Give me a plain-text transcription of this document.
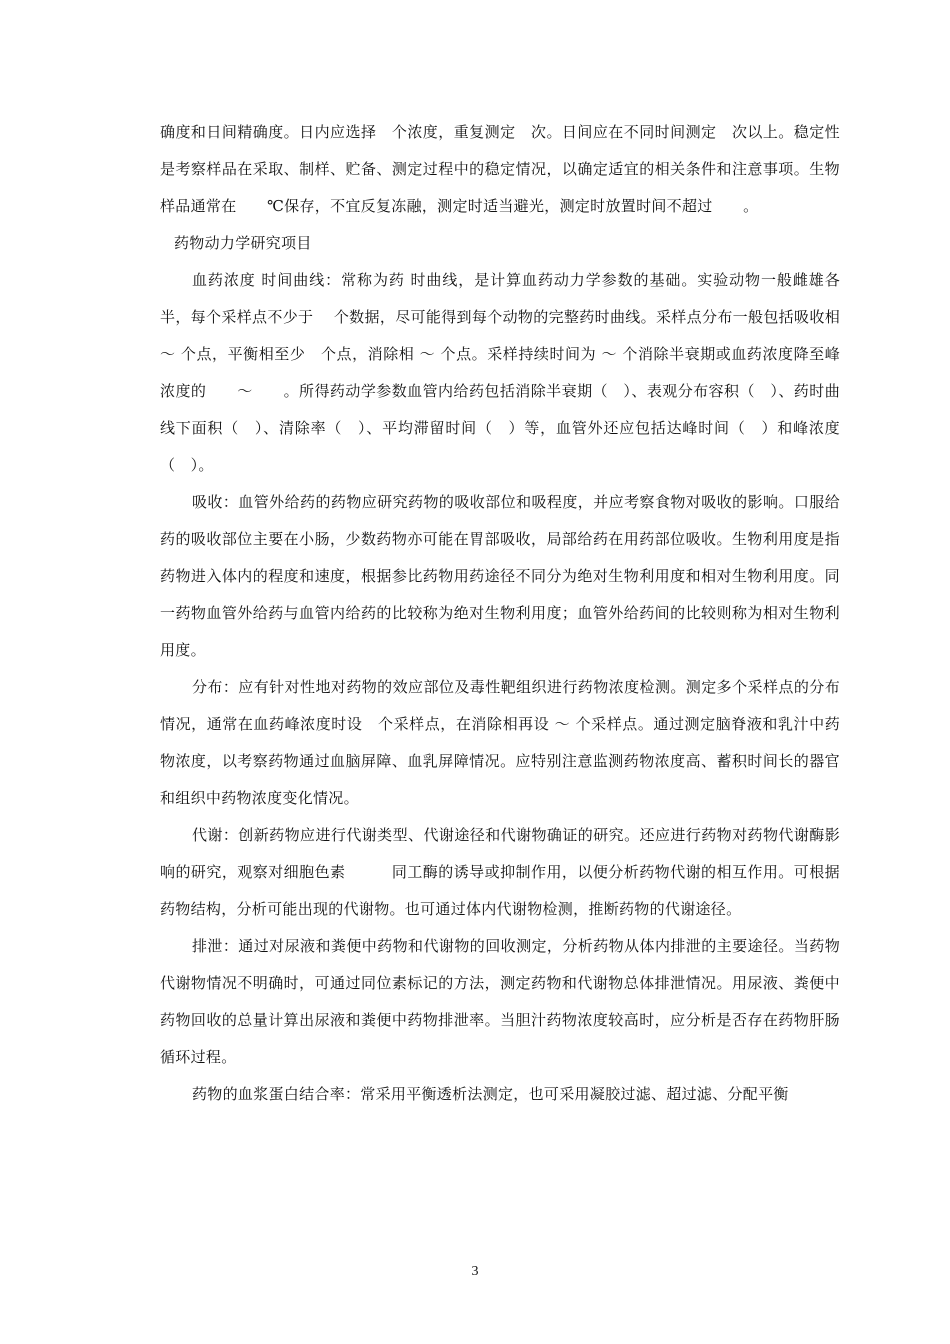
确度和日间精确度。日内应选择　个浓度，重复测定　次。日间应在不同时间测定　次以上。稳定性是考察样品在采取、制样、贮备、测定过程中的稳定情况，以确定适宜的相关条件和注意事项。生物样品通常在　　℃保存，不宜反复冻融，测定时适当避光，测定时放置时间不超过　　。

药物动力学研究项目

血药浓度 时间曲线：常称为药 时曲线，是计算血药动力学参数的基础。实验动物一般雌雄各半，每个采样点不少于　 个数据，尽可能得到每个动物的完整药时曲线。采样点分布一般包括吸收相 ～ 个点，平衡相至少　个点，消除相 ～ 个点。采样持续时间为 ～ 个消除半衰期或血药浓度降至峰浓度的　　～　　。所得药动学参数血管内给药包括消除半衰期（　）、表观分布容积（　）、药时曲线下面积（　）、清除率（　）、平均滞留时间（　）等，血管外还应包括达峰时间（　）和峰浓度（　）。

吸收：血管外给药的药物应研究药物的吸收部位和吸程度，并应考察食物对吸收的影响。口服给药的吸收部位主要在小肠，少数药物亦可能在胃部吸收，局部给药在用药部位吸收。生物利用度是指药物进入体内的程度和速度，根据参比药物用药途径不同分为绝对生物利用度和相对生物利用度。同一药物血管外给药与血管内给药的比较称为绝对生物利用度；血管外给药间的比较则称为相对生物利用度。

分布：应有针对性地对药物的效应部位及毒性靶组织进行药物浓度检测。测定多个采样点的分布情况，通常在血药峰浓度时设　个采样点，在消除相再设 ～ 个采样点。通过测定脑脊液和乳汁中药物浓度，以考察药物通过血脑屏障、血乳屏障情况。应特别注意监测药物浓度高、蓄积时间长的器官和组织中药物浓度变化情况。

代谢：创新药物应进行代谢类型、代谢途径和代谢物确证的研究。还应进行药物对药物代谢酶影响的研究，观察对细胞色素　　　同工酶的诱导或抑制作用，以便分析药物代谢的相互作用。可根据药物结构，分析可能出现的代谢物。也可通过体内代谢物检测，推断药物的代谢途径。

排泄：通过对尿液和粪便中药物和代谢物的回收测定，分析药物从体内排泄的主要途径。当药物代谢物情况不明确时，可通过同位素标记的方法，测定药物和代谢物总体排泄情况。用尿液、粪便中药物回收的总量计算出尿液和粪便中药物排泄率。当胆汁药物浓度较高时，应分析是否存在药物肝肠循环过程。

药物的血浆蛋白结合率：常采用平衡透析法测定，也可采用凝胶过滤、超过滤、分配平衡

3
